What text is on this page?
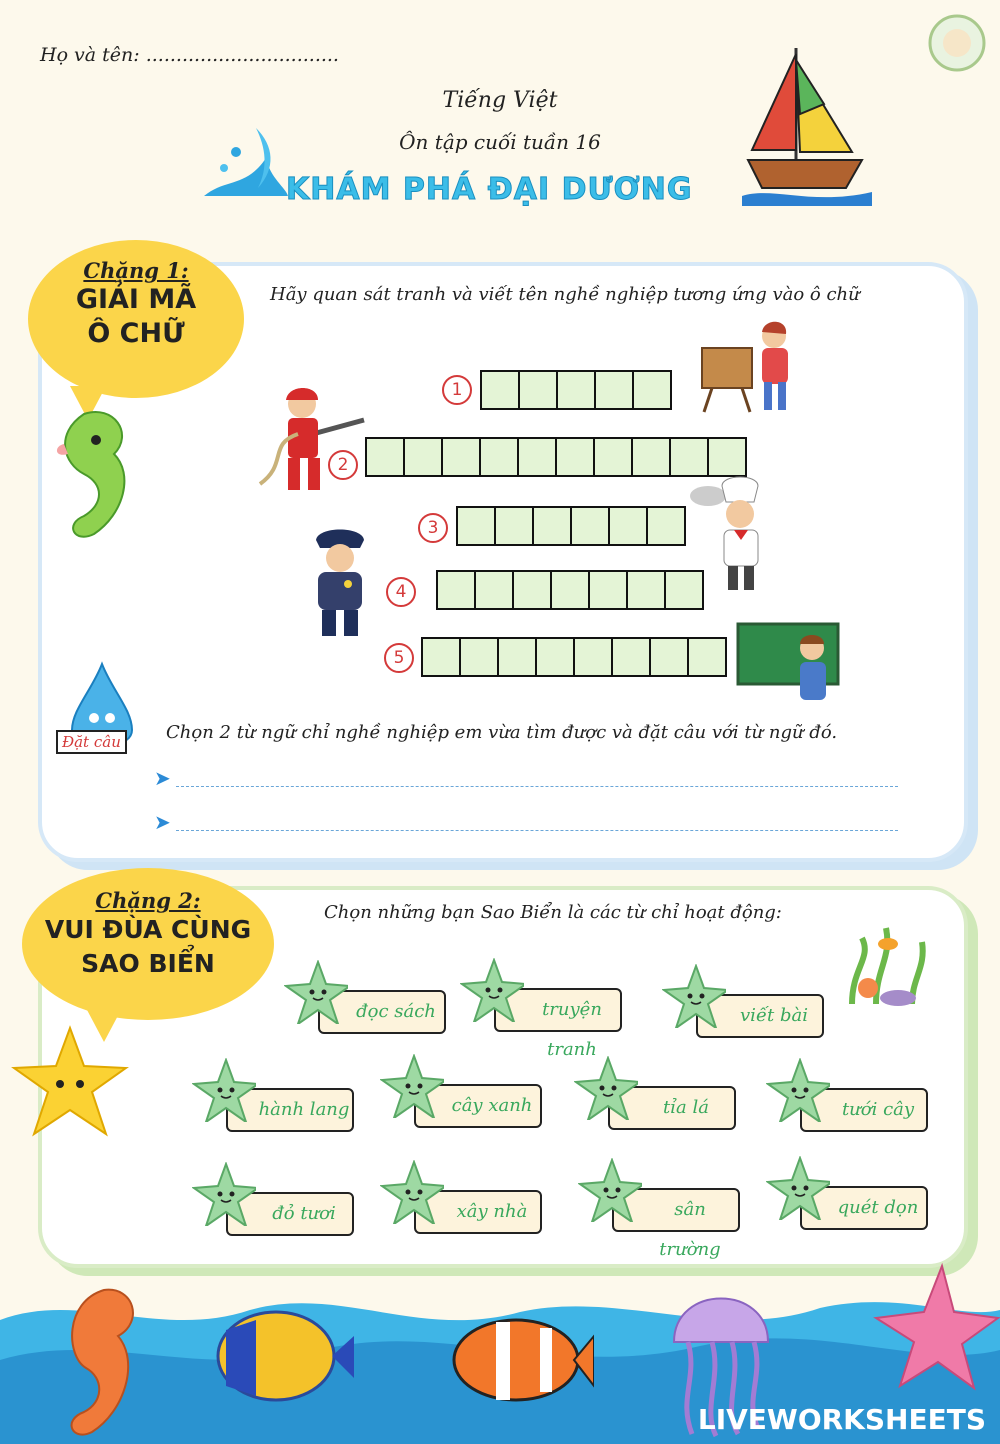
Họ và tên: ................................
Tiếng Việt
Ôn tập cuối tuần 16
KHÁM PHÁ ĐẠI DƯƠNG
Chặng 1:
GIẢI MÃ
Ô CHỮ
Hãy quan sát tranh và viết tên nghề nghiệp tương ứng vào ô chữ
1
2
3
4
5
Đặt câu	Chọn 2 từ ngữ chỉ nghề nghiệp em vừa tìm được và đặt câu với từ ngữ đó.
➤
➤
Chặng 2:
VUI ĐÙA CÙNG
SAO BIỂN
Chọn những bạn Sao Biển là các từ chỉ hoạt động:
đọc sách	truyện tranh
viết bài
hành lang	cây xanh	tỉa lá	tưới cây
đỏ tươi	xây nhà	sân trường
quét dọn
LIVEWORKSHEETS
